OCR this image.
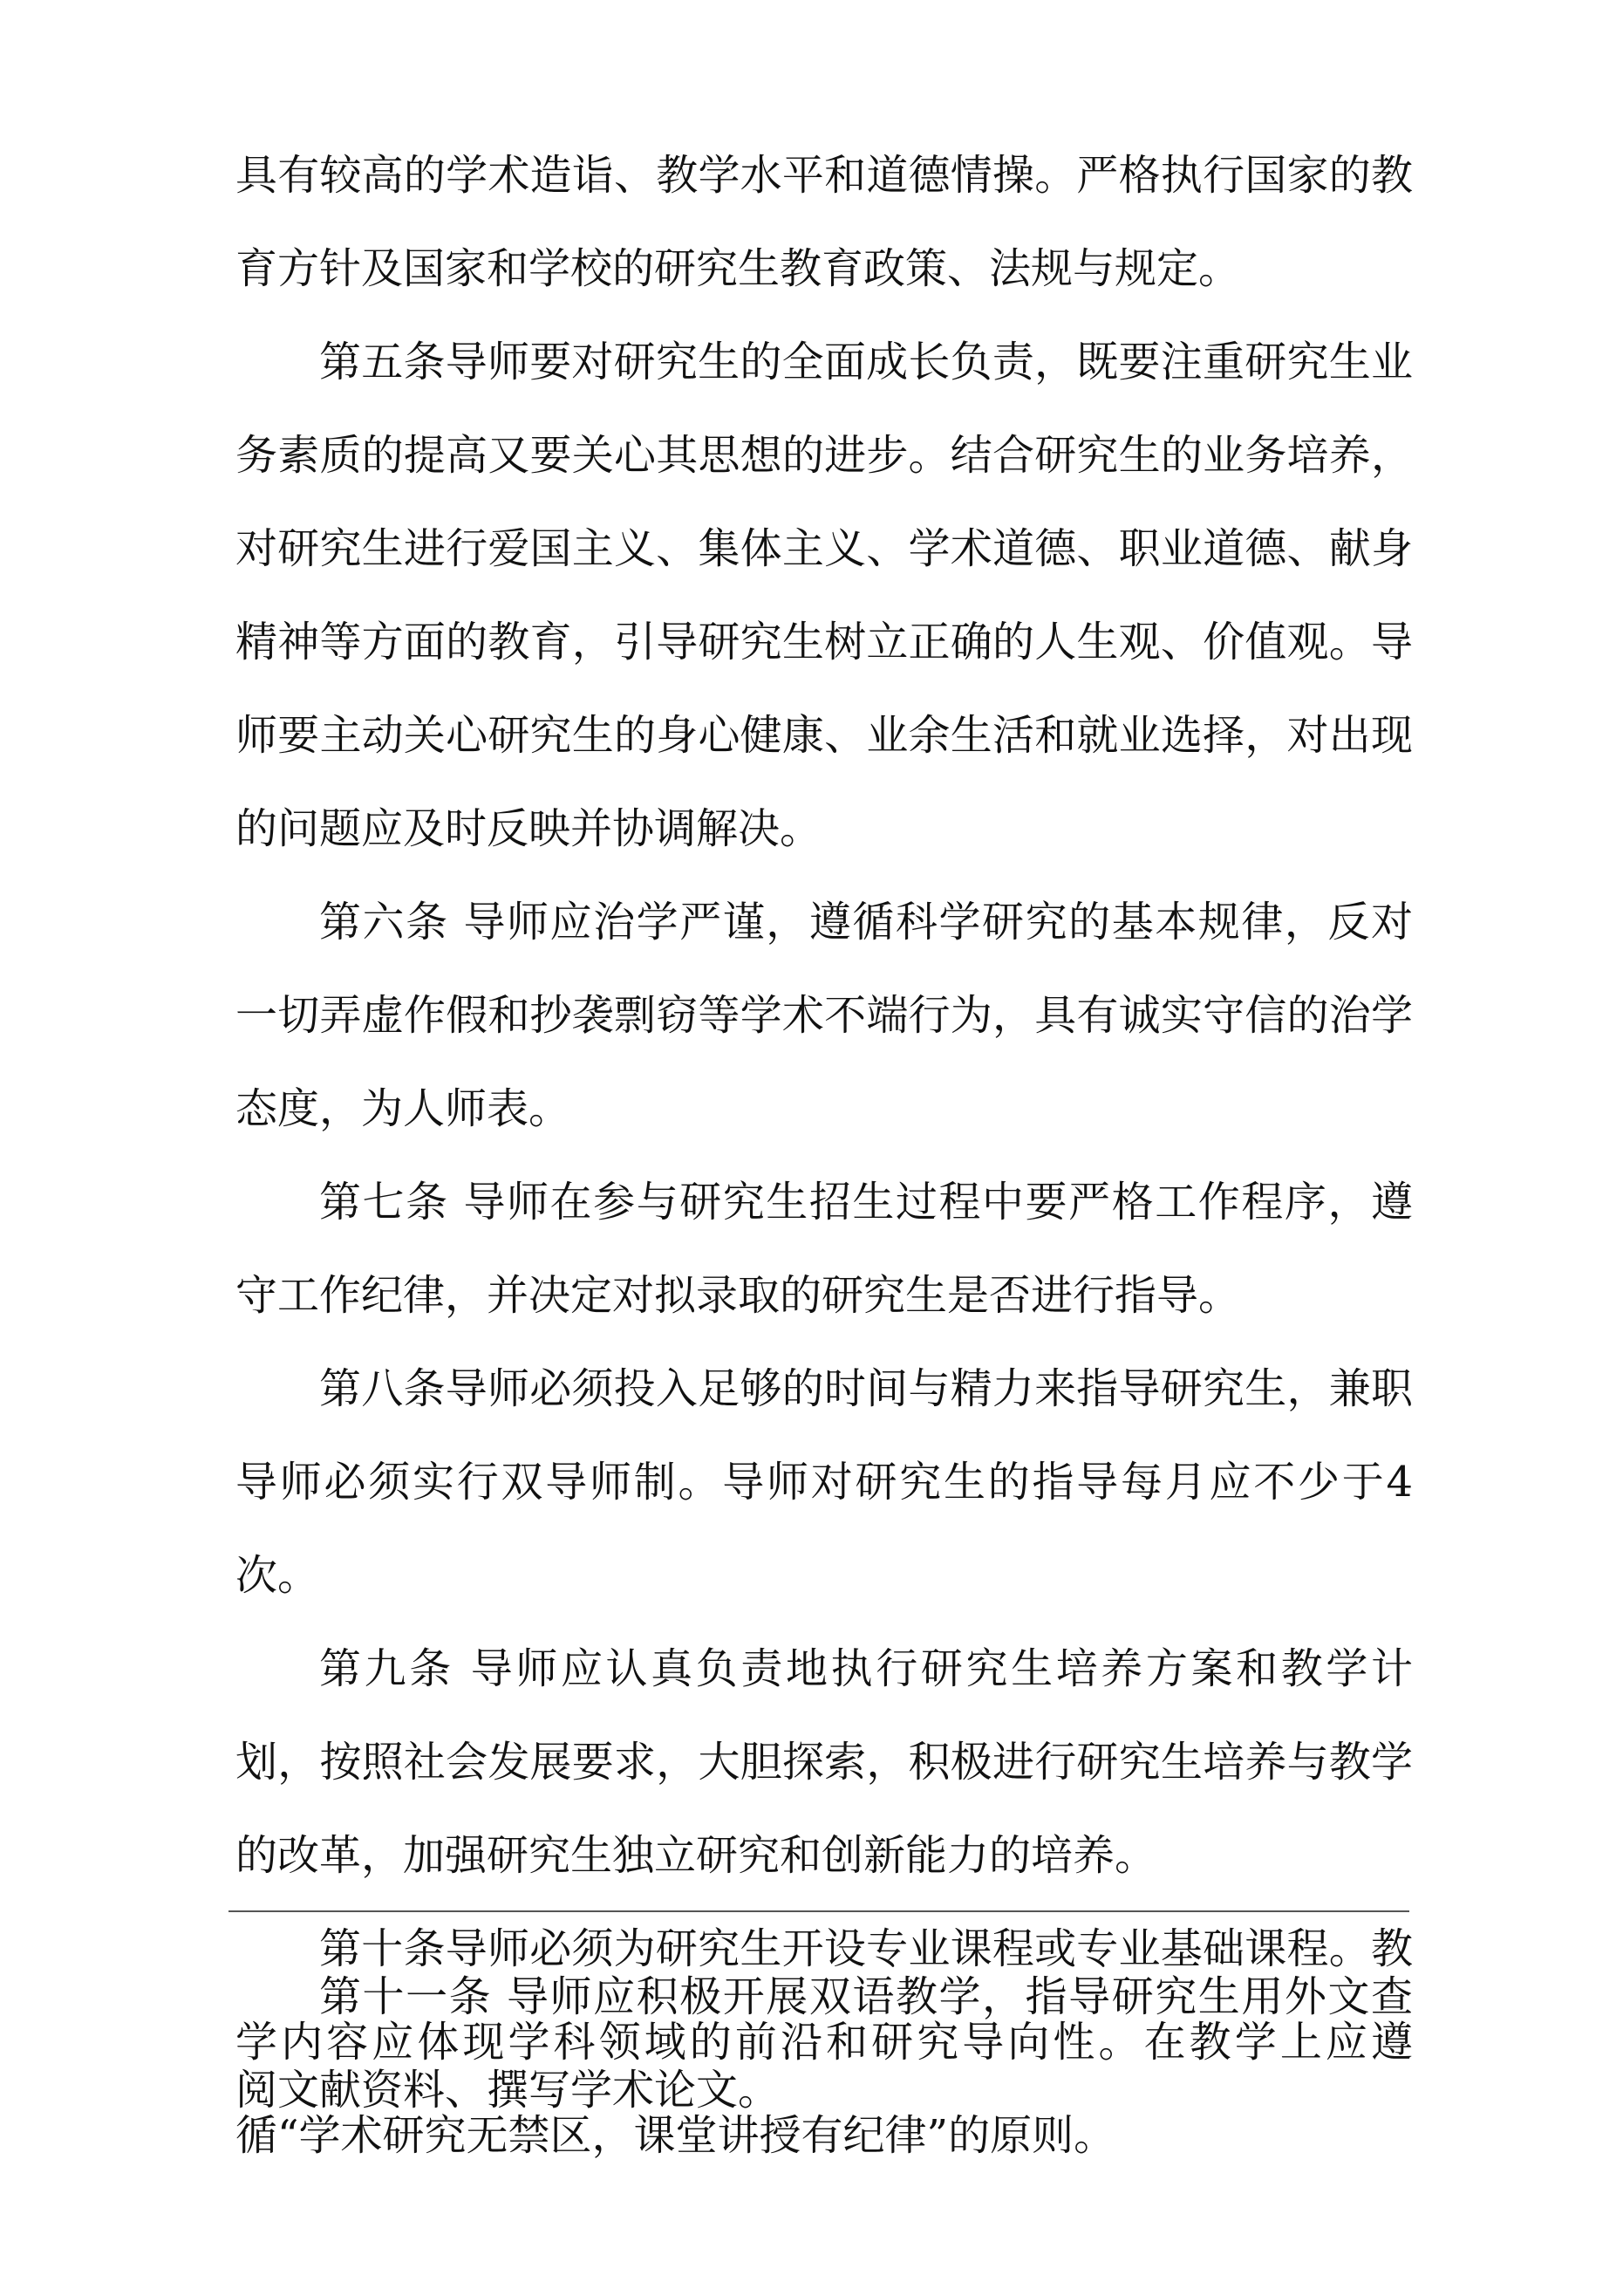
具有较高的学术造诣、教学水平和道德情操。严格执行国家的教育方针及国家和学校的研究生教育政策、法规与规定。

第五条导师要对研究生的全面成长负责，既要注重研究生业务素质的提高又要关心其思想的进步。结合研究生的业务培养，对研究生进行爱国主义、集体主义、学术道德、职业道德、献身精神等方面的教育，引导研究生树立正确的人生观、价值观。导师要主动关心研究生的身心健康、业余生活和就业选择，对出现的问题应及时反映并协调解决。

第六条 导师应治学严谨，遵循科学研究的基本规律，反对一切弄虚作假和抄袭剽窃等学术不端行为，具有诚实守信的治学态度，为人师表。

第七条 导师在参与研究生招生过程中要严格工作程序，遵守工作纪律，并决定对拟录取的研究生是否进行指导。

第八条导师必须投入足够的时间与精力来指导研究生，兼职导师必须实行双导师制。导师对研究生的指导每月应不少于4次。

第九条 导师应认真负责地执行研究生培养方案和教学计划，按照社会发展要求，大胆探索，积极进行研究生培养与教学的改革，加强研究生独立研究和创新能力的培养。

第十条导师必须为研究生开设专业课程或专业基础课程。教学内容应体现学科领域的前沿和研究导向性。在教学上应遵循“学术研究无禁区，课堂讲授有纪律”的原则。

第十一条 导师应积极开展双语教学，指导研究生用外文查阅文献资料、撰写学术论文。
